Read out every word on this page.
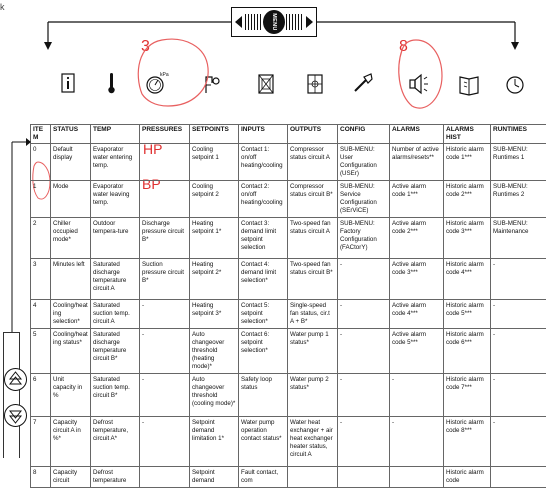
k
MENU
kPa
3	8
HP
BP
ITEM	STATUS	TEMP	PRESSURES	SETPOINTS	INPUTS	OUTPUTS	CONFIG	ALARMS	ALARMS HIST	RUNTIMES
0	Default display	Evaporator water entering temp.		Cooling setpoint 1	Contact 1: on/off heating/cooling	Compressor status circuit A	SUB-MENU: User Configuration (USEr)	Number of active alarms/resets**	Historic alarm code 1***	SUB-MENU: Runtimes 1
1	Mode	Evaporator water leaving temp.		Cooling setpoint 2	Contact 2: on/off heating/cooling	Compressor status circuit B*	SUB-MENU: Service Configuration (SErViCE)	Active alarm code 1***	Historic alarm code 2***	SUB-MENU: Runtimes 2
2	Chiller occupied mode*	Outdoor tempera-ture	Discharge pressure circuit B*	Heating setpoint 1*	Contact 3: demand limit setpoint selection	Two-speed fan status circuit A	SUB-MENU: Factory Configuration (FACtorY)	Active alarm code 2***	Historic alarm code 3***	SUB-MENU: Maintenance
3	Minutes left	Saturated discharge temperature circuit A	Suction pressure circuit B*	Heating setpoint 2*	Contact 4: demand limit selection*	Two-speed fan status circuit B*	-	Active alarm code 3***	Historic alarm code 4***	-
4	Cooling/heating selection*	Saturated suction temp. circuit A	-	Heating setpoint 3*	Contact 5: setpoint selection*	Single-speed fan status, cir.t A + B*	-	Active alarm code 4***	Historic alarm code 5***	-
5	Cooling/heating status*	Saturated discharge temperature circuit B*	-	Auto changeover threshold (heating mode)*	Contact 6: setpoint selection*	Water pump 1 status*	-	Active alarm code 5***	Historic alarm code 6***	-
6	Unit capacity in %	Saturated suction temp. circuit B*	-	Auto changeover threshold (cooling mode)*	Safety loop status	Water pump 2 status*	-	-	Historic alarm code 7***	-
7	Capacity circuit A in %*	Defrost temperature, circuit A*	-	Setpoint demand limitation 1*	Water pump operation contact status*	Water heat exchanger + air heat exchanger heater status, circuit A	-	-	Historic alarm code 8***	-
8	Capacity circuit	Defrost temperature		Setpoint demand	Fault contact, com				Historic alarm code	
